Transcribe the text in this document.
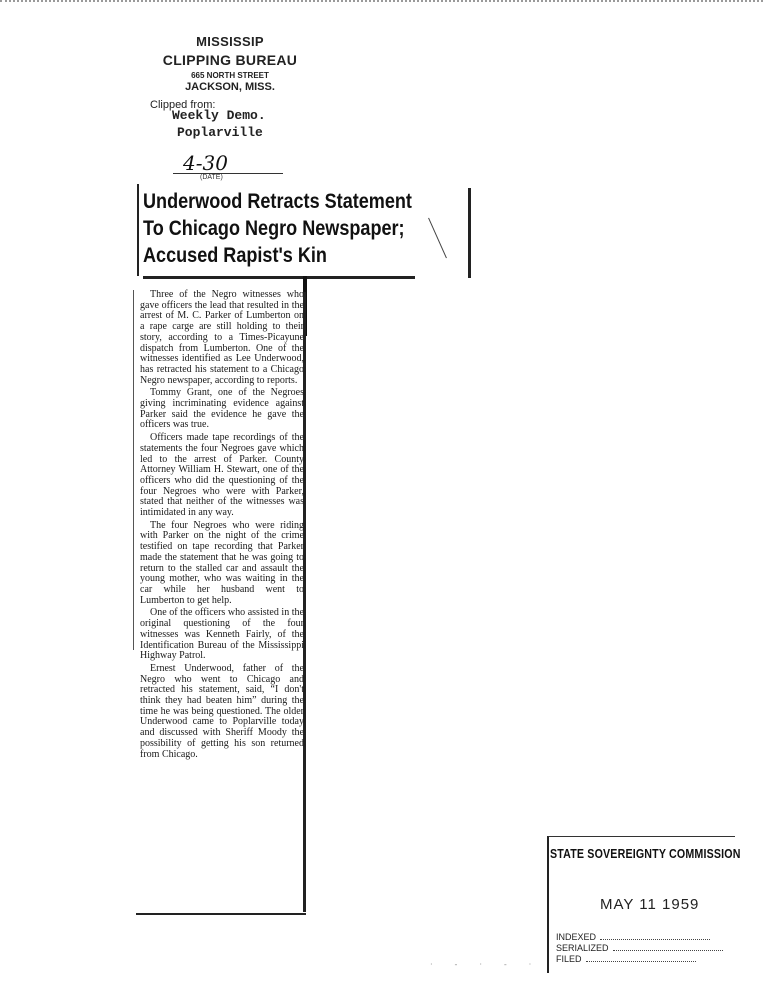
MISSISSIP
CLIPPING BUREAU
665 NORTH STREET
JACKSON, MISS.
Clipped from:
Weekly Demo.
Poplarville
4-30
(DATE)
Underwood Retracts Statement
To Chicago Negro Newspaper;
Accused Rapist's Kin

Three of the Negro witnesses who gave officers the lead that resulted in the arrest of M. C. Parker of Lumberton on a rape carge are still holding to their story, according to a Times-Picayune dispatch from Lumberton. One of the witnesses identified as Lee Underwood, has retracted his statement to a Chicago Negro newspaper, according to reports.

Tommy Grant, one of the Negroes giving incriminating evidence against Parker said the evidence he gave the officers was true.

Officers made tape recordings of the statements the four Negroes gave which led to the arrest of Parker. County Attorney William H. Stewart, one of the officers who did the questioning of the four Negroes who were with Parker, stated that neither of the witnesses was intimidated in any way.

The four Negroes who were riding with Parker on the night of the crime testified on tape recording that Parker made the statement that he was going to return to the stalled car and assault the young mother, who was waiting in the car while her husband went to Lumberton to get help.

One of the officers who assisted in the original questioning of the four witnesses was Kenneth Fairly, of the Identification Bureau of the Mississippi Highway Patrol.

Ernest Underwood, father of the Negro who went to Chicago and retracted his statement, said, “I don't think they had beaten him” during the time he was being questioned. The older Underwood came to Poplarville today and discussed with Sheriff Moody the possibility of getting his son returned from Chicago.

STATE SOVEREIGNTY COMMISSION
MAY 11 1959
INDEXED
SERIALIZED
FILED
· ‐ · ‐ ·
